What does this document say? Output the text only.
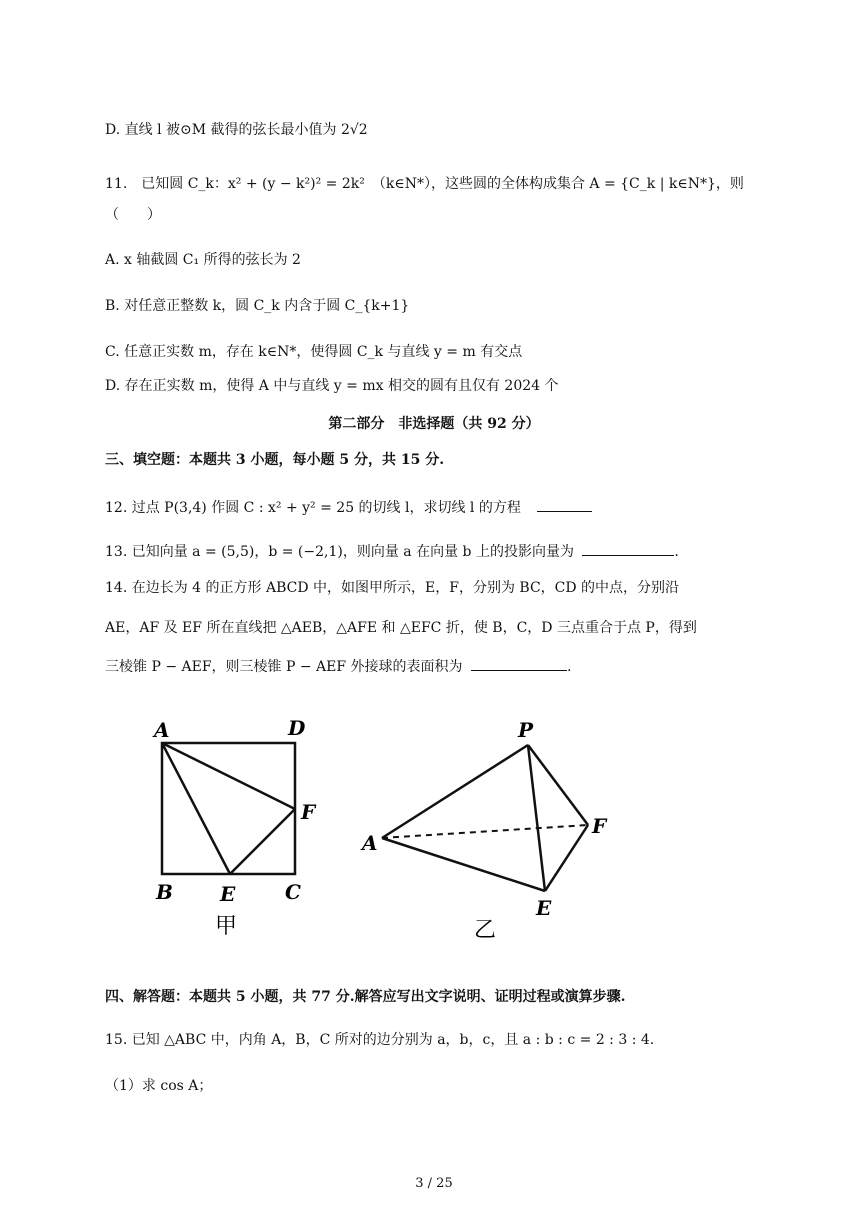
D. 直线 l 被⊙M 截得的弦长最小值为 2√2
11.　已知圆 C_k：x² + (y − k²)² = 2k²　（k∈N*），这些圆的全体构成集合 A = {C_k | k∈N*}，则
（　　）
A. x 轴截圆 C₁ 所得的弦长为 2
B. 对任意正整数 k，圆 C_k 内含于圆 C_{k+1}
C. 任意正实数 m，存在 k∈N*，使得圆 C_k 与直线 y = m 有交点
D. 存在正实数 m，使得 A 中与直线 y = mx 相交的圆有且仅有 2024 个
第二部分　非选择题（共 92 分）
三、填空题：本题共 3 小题，每小题 5 分，共 15 分.
12. 过点 P(3,4) 作圆 C : x² + y² = 25 的切线 l，求切线 l 的方程
13. 已知向量 a = (5,5)，b = (−2,1)，则向量 a 在向量 b 上的投影向量为	.
14. 在边长为 4 的正方形 ABCD 中，如图甲所示，E，F，分别为 BC，CD 的中点，分别沿
AE，AF 及 EF 所在直线把 △AEB，△AFE 和 △EFC 折，使 B，C，D 三点重合于点 P，得到
三棱锥 P − AEF，则三棱锥 P − AEF 外接球的表面积为	.
A	D
F
B E C
甲
P
A
F
E
乙
四、解答题：本题共 5 小题，共 77 分.解答应写出文字说明、证明过程或演算步骤.
15. 已知 △ABC 中，内角 A，B，C 所对的边分别为 a，b，c，且 a : b : c = 2 : 3 : 4.
（1）求 cos A；
3 / 25
